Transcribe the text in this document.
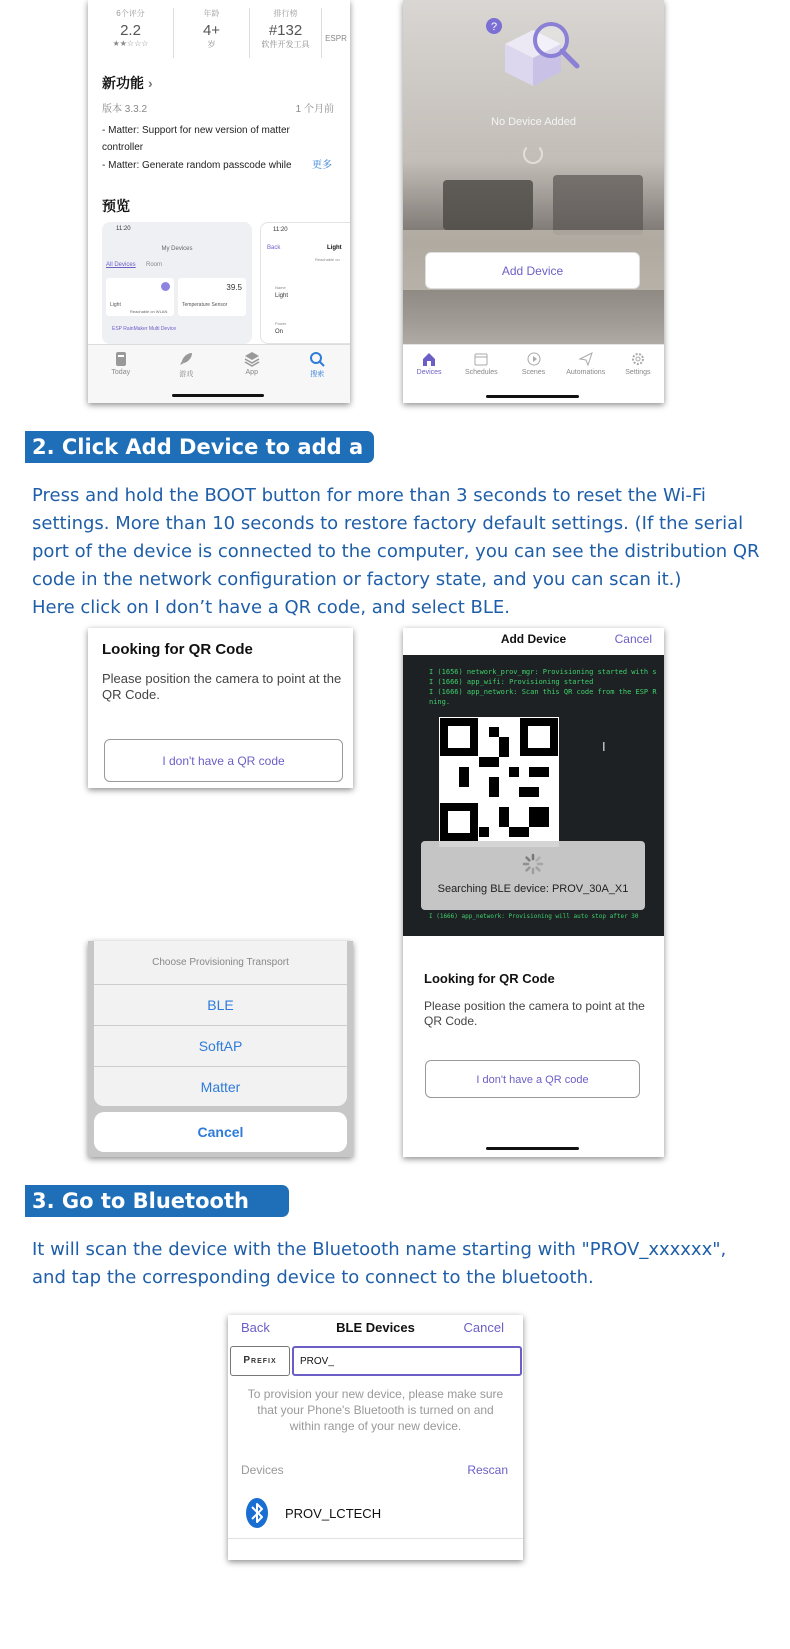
6个评分
2.2
★★☆☆☆
年龄
4+
岁
排行榜
#132
软件开发工具
ESPR
新功能 ›
版本 3.3.2	1 个月前
- Matter: Support for new version of matter controller
- Matter: Generate random passcode while	更多
预览
11:20
My Devices
All Devices Room
Light
Reachable on WLAN
39.5
Temperature Sensor
ESP RainMaker Multi Device
11:20
Back	Light
Reachable on
Name
Light
Power
On
Today	游戏	App	搜索
?
No Device Added
Add Device
Devices	Schedules	Scenes	Automations	Settings
2. Click Add Device to add a device
Press and hold the BOOT button for more than 3 seconds to reset the Wi-Fi
settings. More than 10 seconds to restore factory default settings. (If the serial
port of the device is connected to the computer, you can see the distribution QR
code in the network configuration or factory state, and you can scan it.)
Here click on I don’t have a QR code, and select BLE.
Looking for QR Code
Please position the camera to point at the QR Code.
I don't have a QR code
Add Device	Cancel
I (1656) network_prov_mgr: Provisioning started with s
I (1666) app_wifi: Provisioning started
I (1666) app_network: Scan this QR code from the ESP R
ning.
I
I (1666) app_network: Provisioning will auto stop after 30
Searching BLE device: PROV_30A_X1
Looking for QR Code
Please position the camera to point at the QR Code.
I don't have a QR code
Choose Provisioning Transport
BLE
SoftAP
Matter
Cancel
3. Go to Bluetooth pairing
It will scan the device with the Bluetooth name starting with "PROV_xxxxxx",
and tap the corresponding device to connect to the bluetooth.
Back	BLE Devices	Cancel
Prefix	PROV_
To provision your new device, please make sure that your Phone's Bluetooth is turned on and within range of your new device.
Devices	Rescan
PROV_LCTECH
